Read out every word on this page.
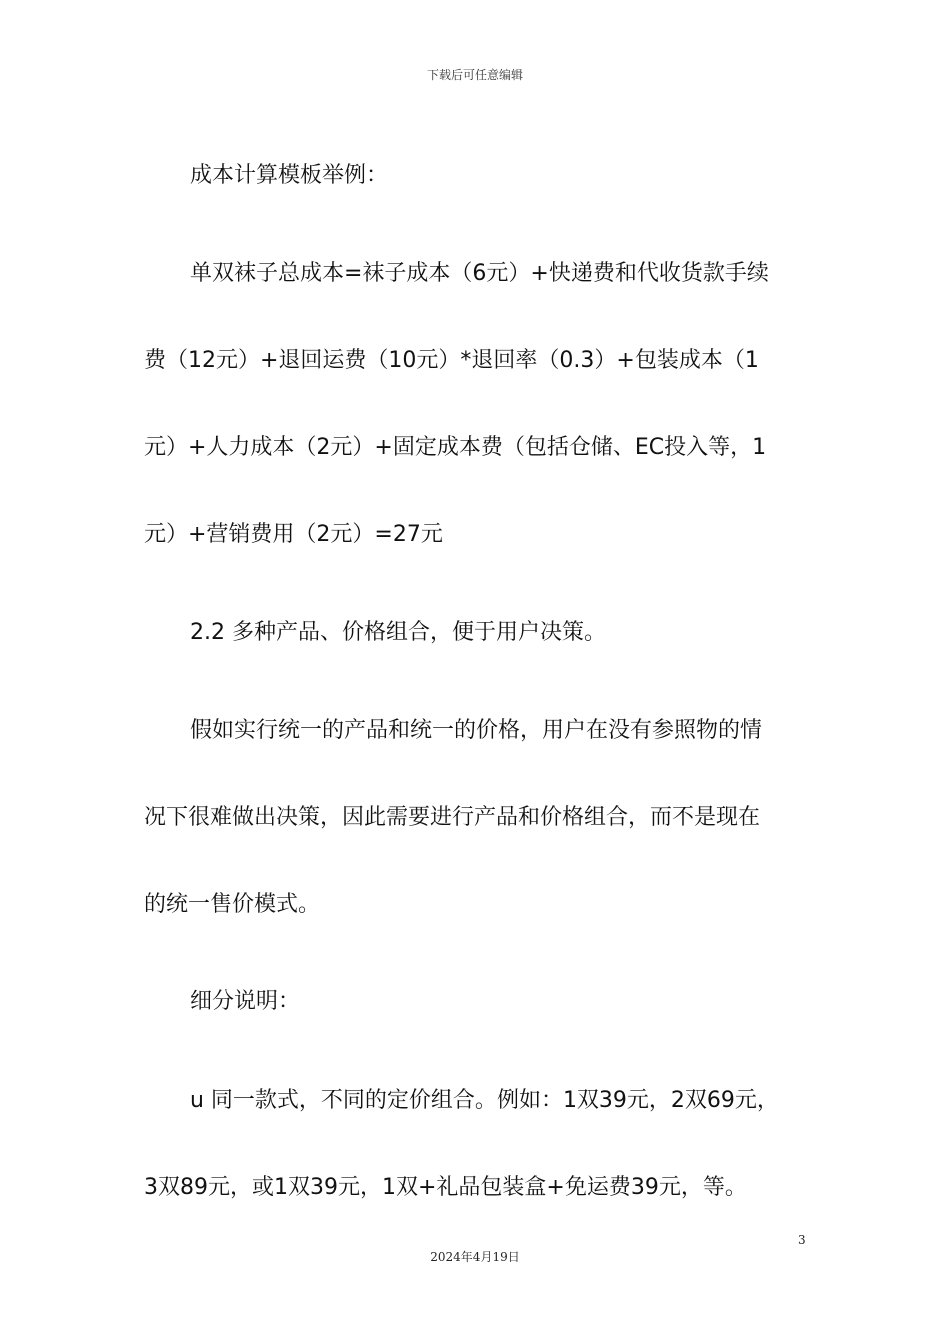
下载后可任意编辑
成本计算模板举例：
单双袜子总成本=袜子成本（6元）+快递费和代收货款手续
费（12元）+退回运费（10元）*退回率（0.3）+包装成本（1
元）+人力成本（2元）+固定成本费（包括仓储、EC投入等，1
元）+营销费用（2元）=27元
2.2 多种产品、价格组合，便于用户决策。
假如实行统一的产品和统一的价格，用户在没有参照物的情
况下很难做出决策，因此需要进行产品和价格组合，而不是现在
的统一售价模式。
细分说明：
u 同一款式，不同的定价组合。例如：1双39元，2双69元，
3双89元，或1双39元，1双+礼品包装盒+免运费39元，等。
3
2024年4月19日
